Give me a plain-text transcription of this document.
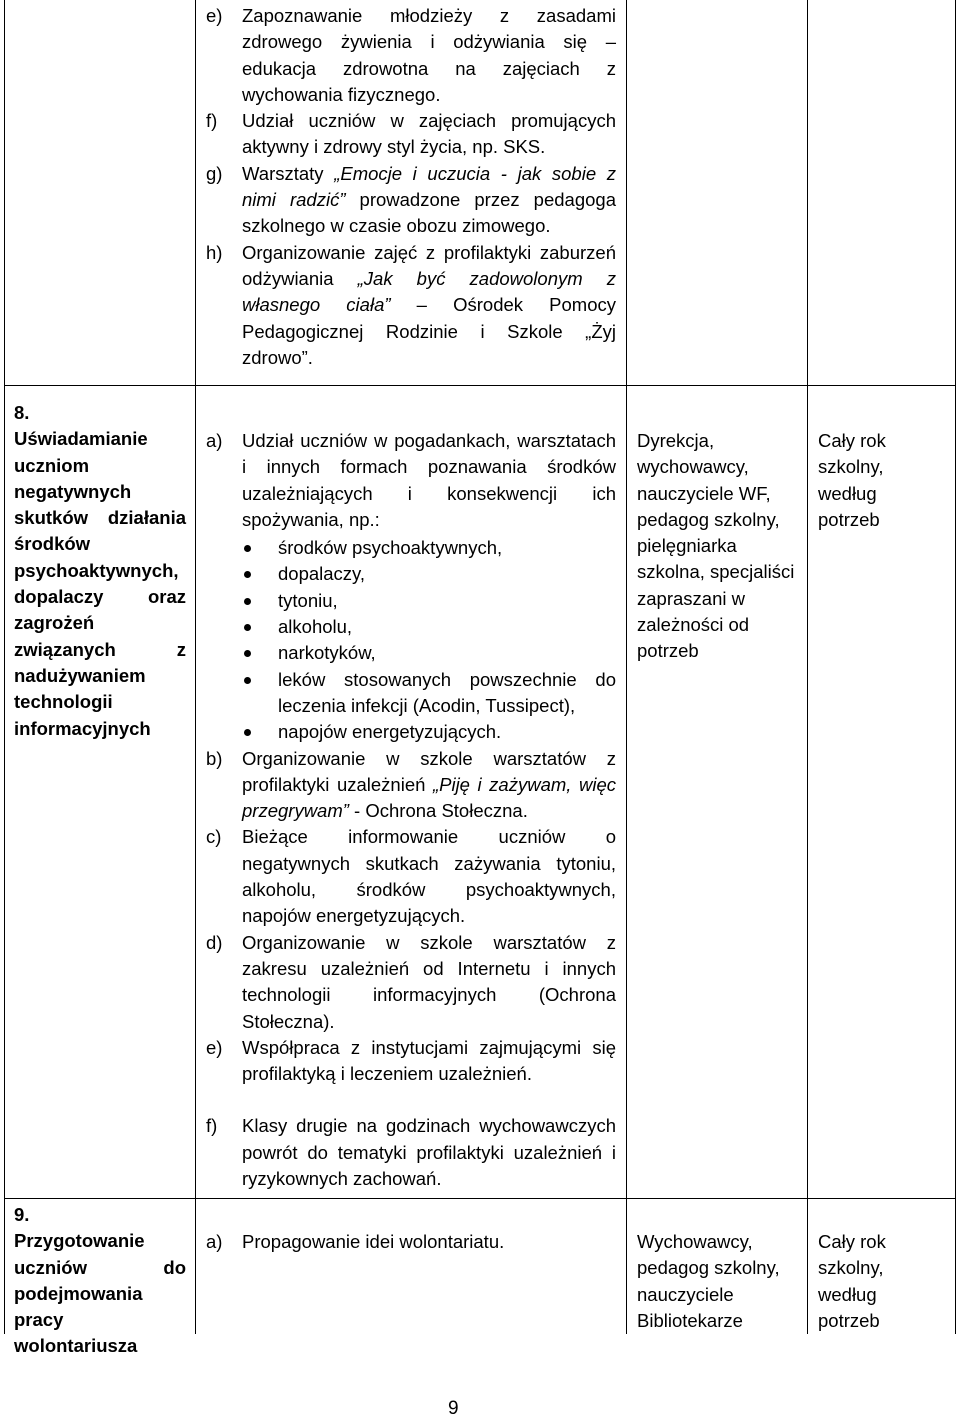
e) Zapoznawanie młodzieży z zasadami zdrowego żywienia i odżywiania się – edukacja zdrowotna na zajęciach z wychowania fizycznego.
f) Udział uczniów w zajęciach promujących aktywny i zdrowy styl życia, np. SKS.
g) Warsztaty „Emocje i uczucia - jak sobie z nimi radzić” prowadzone przez pedagoga szkolnego w czasie obozu zimowego.
h) Organizowanie zajęć z profilaktyki zaburzeń odżywiania „Jak być zadowolonym z własnego ciała” – Ośrodek Pomocy Pedagogicznej Rodzinie i Szkole „Żyj zdrowo”.
8.
Uświadamianie uczniom negatywnych skutków działania środków psychoaktywnych, dopalaczy oraz zagrożeń związanych z nadużywaniem technologii informacyjnych
a) Udział uczniów w pogadankach, warsztatach i innych formach poznawania środków uzależniających i konsekwencji ich spożywania, np.:
środków psychoaktywnych,
dopalaczy,
tytoniu,
alkoholu,
narkotyków,
leków stosowanych powszechnie do leczenia infekcji (Acodin, Tussipect),
napojów energetyzujących.
b) Organizowanie w szkole warsztatów z profilaktyki uzależnień „Piję i zażywam, więc przegrywam” - Ochrona Stołeczna.
c) Bieżące informowanie uczniów o negatywnych skutkach zażywania tytoniu, alkoholu, środków psychoaktywnych, napojów energetyzujących.
d) Organizowanie w szkole warsztatów z zakresu uzależnień od Internetu i innych technologii informacyjnych (Ochrona Stołeczna).
e) Współpraca z instytucjami zajmującymi się profilaktyką i leczeniem uzależnień.
f) Klasy drugie na godzinach wychowawczych powrót do tematyki profilaktyki uzależnień i ryzykownych zachowań.
Dyrekcja, wychowawcy, nauczyciele WF, pedagog szkolny, pielęgniarka szkolna, specjaliści zapraszani w zależności od potrzeb
Cały rok szkolny, według potrzeb
9.
Przygotowanie uczniów do podejmowania pracy wolontariusza
a) Propagowanie idei wolontariatu.	Wychowawcy, pedagog szkolny, nauczyciele Bibliotekarze
Cały rok szkolny, według potrzeb
9
